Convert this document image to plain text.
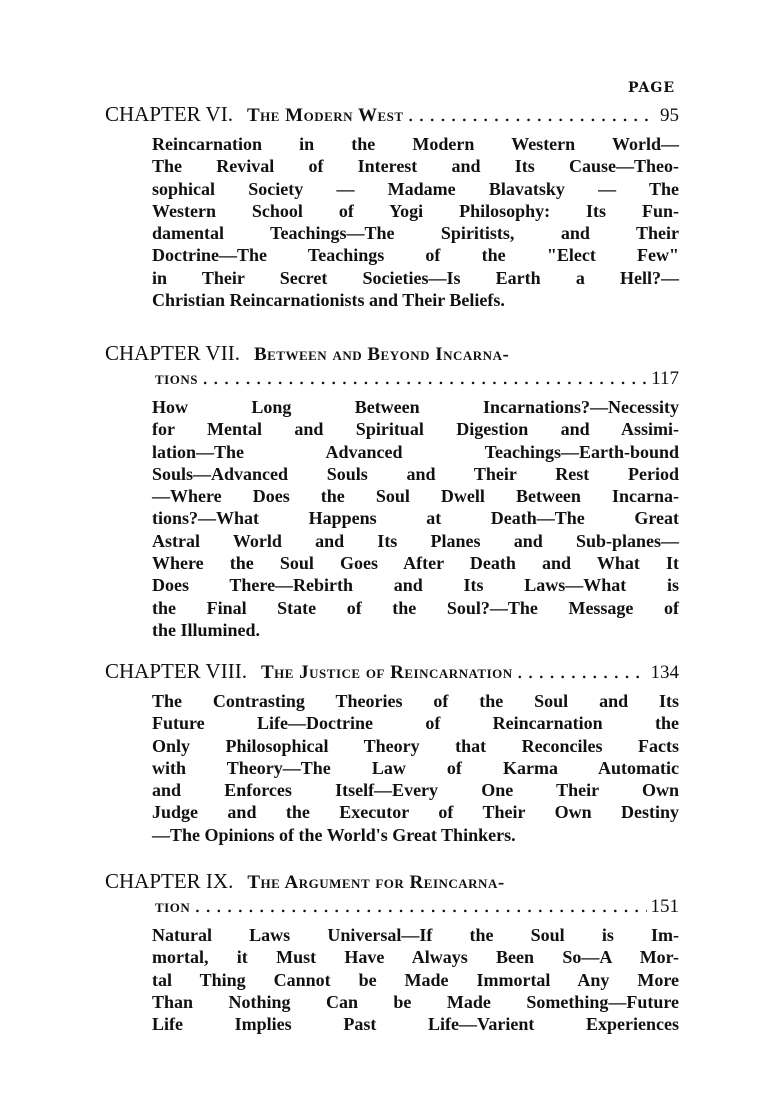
PAGE
CHAPTER VI. The Modern West . . .	95
Reincarnation in the Modern Western World—
The Revival of Interest and Its Cause—Theo-
sophical Society — Madame Blavatsky — The
Western School of Yogi Philosophy: Its Fun-
damental Teachings—The Spiritists, and Their
Doctrine—The Teachings of the "Elect Few"
in Their Secret Societies—Is Earth a Hell?—
Christian Reincarnationists and Their Beliefs.
CHAPTER VII. Between and Beyond Incarna-
tions . . .	117
How Long Between Incarnations?—Necessity
for Mental and Spiritual Digestion and Assimi-
lation—The Advanced Teachings—Earth-bound
Souls—Advanced Souls and Their Rest Period
—Where Does the Soul Dwell Between Incarna-
tions?—What Happens at Death—The Great
Astral World and Its Planes and Sub-planes—
Where the Soul Goes After Death and What It
Does There—Rebirth and Its Laws—What is
the Final State of the Soul?—The Message of
the Illumined.
CHAPTER VIII. The Justice of Reincarnation . . .	134
The Contrasting Theories of the Soul and Its
Future Life—Doctrine of Reincarnation the
Only Philosophical Theory that Reconciles Facts
with Theory—The Law of Karma Automatic
and Enforces Itself—Every One Their Own
Judge and the Executor of Their Own Destiny
—The Opinions of the World's Great Thinkers.
CHAPTER IX. The Argument for Reincarna-
tion . . .	151
Natural Laws Universal—If the Soul is Im-
mortal, it Must Have Always Been So—A Mor-
tal Thing Cannot be Made Immortal Any More
Than Nothing Can be Made Something—Future
Life Implies Past Life—Varient Experiences
